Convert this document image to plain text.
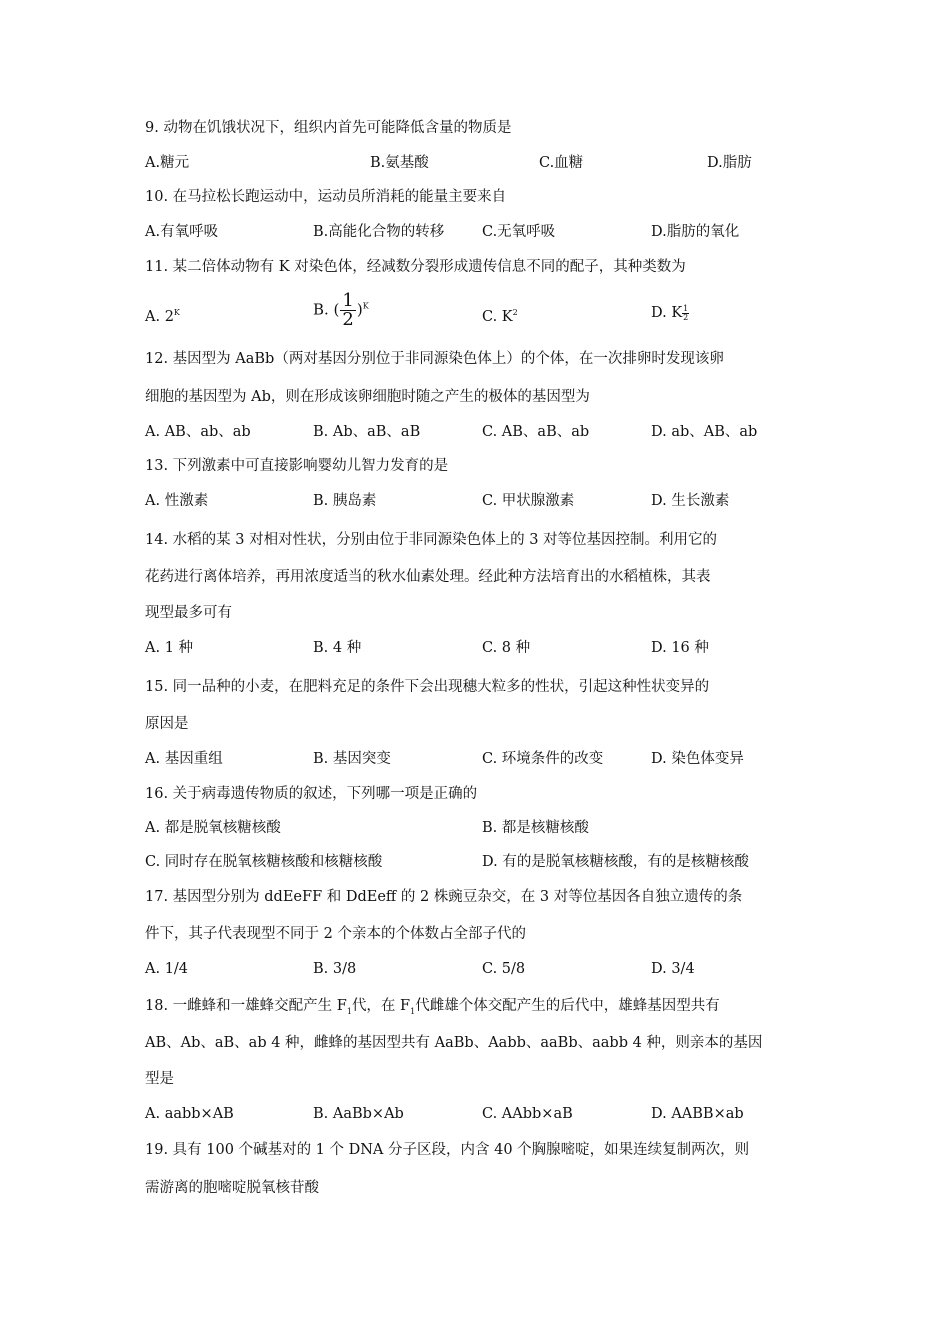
9. 动物在饥饿状况下，组织内首先可能降低含量的物质是
A.糖元	B.氨基酸	C.血糖	D.脂肪
10. 在马拉松长跑运动中，运动员所消耗的能量主要来自
A.有氧呼吸	B.高能化合物的转移	C.无氧呼吸	D.脂肪的氧化
11. 某二倍体动物有 K 对染色体，经减数分裂形成遗传信息不同的配子，其种类数为
A. $2^K$	B. ( $\frac{1}{2} )^K$
C. $K^2$	D. K $\frac{1}{2}$
12. 基因型为 AaBb（两对基因分别位于非同源染色体上）的个体，在一次排卵时发现该卵
细胞的基因型为 Ab，则在形成该卵细胞时随之产生的极体的基因型为
A. AB、ab、ab	B. Ab、aB、aB	C. AB、aB、ab	D. ab、AB、ab
13. 下列激素中可直接影响婴幼儿智力发育的是
A. 性激素	B. 胰岛素	C. 甲状腺激素	D. 生长激素
14. 水稻的某 3 对相对性状，分别由位于非同源染色体上的 3 对等位基因控制。利用它的
花药进行离体培养，再用浓度适当的秋水仙素处理。经此种方法培育出的水稻植株，其表
现型最多可有
A. 1 种	B. 4 种	C. 8 种	D. 16 种
15. 同一品种的小麦，在肥料充足的条件下会出现穗大粒多的性状，引起这种性状变异的
原因是
A. 基因重组	B. 基因突变	C. 环境条件的改变	D. 染色体变异
16. 关于病毒遗传物质的叙述，下列哪一项是正确的
A. 都是脱氧核糖核酸	B. 都是核糖核酸
C. 同时存在脱氧核糖核酸和核糖核酸	D. 有的是脱氧核糖核酸，有的是核糖核酸
17. 基因型分别为 ddEeFF 和 DdEeff 的 2 株豌豆杂交，在 3 对等位基因各自独立遗传的条
件下，其子代表现型不同于 2 个亲本的个体数占全部子代的
A. 1/4	B. 3/8	C. 5/8	D. 3/4
18. 一雌蜂和一雄蜂交配产生 $F_1$代，在 $F_1$代雌雄个体交配产生的后代中，雄蜂基因型共有
AB、Ab、aB、ab 4 种，雌蜂的基因型共有 AaBb、Aabb、aaBb、aabb 4 种，则亲本的基因
型是
A. aabb×AB	B. AaBb×Ab	C. AAbb×aB	D. AABB×ab
19. 具有 100 个碱基对的 1 个 DNA 分子区段，内含 40 个胸腺嘧啶，如果连续复制两次，则
需游离的胞嘧啶脱氧核苷酸
